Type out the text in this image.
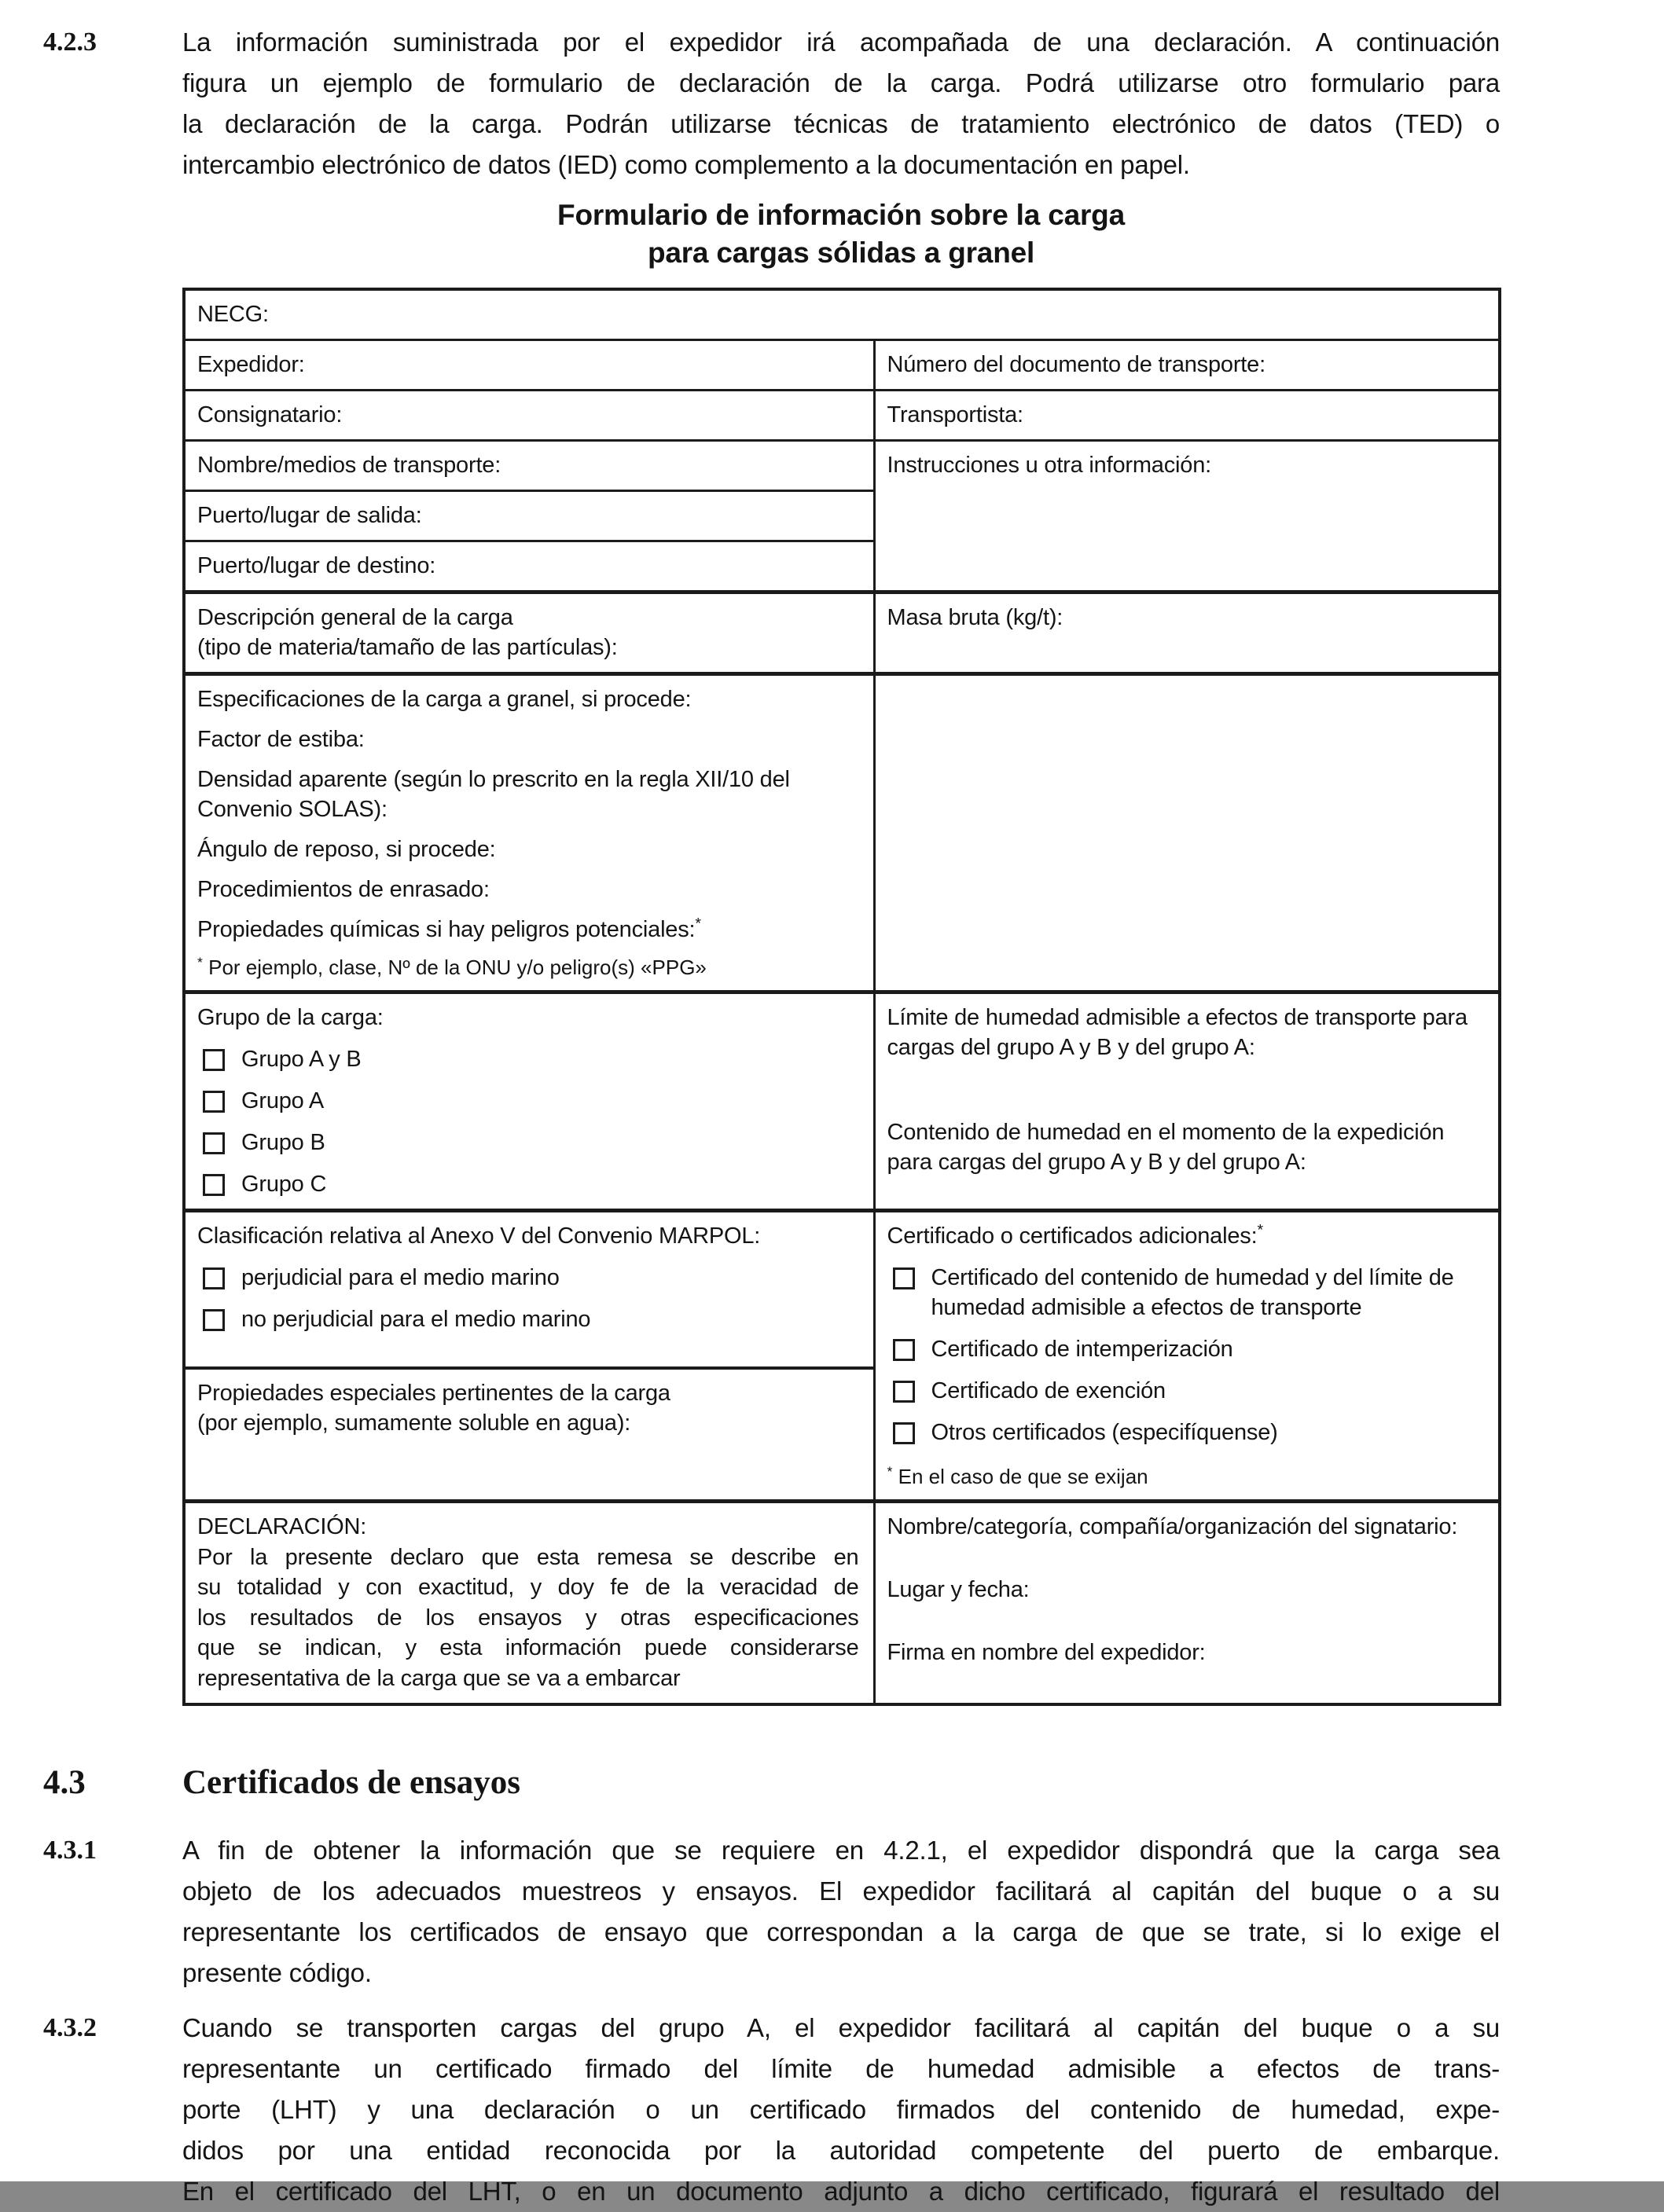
4.2.3	La información suministrada por el expedidor irá acompañada de una declaración. A continuación
figura un ejemplo de formulario de declaración de la carga. Podrá utilizarse otro formulario para
la declaración de la carga. Podrán utilizarse técnicas de tratamiento electrónico de datos (TED) o
intercambio electrónico de datos (IED) como complemento a la documentación en papel.
Formulario de información sobre la carga
para cargas sólidas a granel
NECG:	
Expedidor:	Número del documento de transporte:
Consignatario:	Transportista:
Nombre/medios de transporte:	Instrucciones u otra información:
Puerto/lugar de salida:	
Puerto/lugar de destino:	

Descripción general de la carga
(tipo de materia/tamaño de las partículas):	Masa bruta (kg/t):

Especificaciones de la carga a granel, si procede:

Factor de estiba:

Densidad aparente (según lo prescrito en la regla XII/10 del Convenio SOLAS):

Ángulo de reposo, si procede:

Procedimientos de enrasado:

Propiedades químicas si hay peligros potenciales:*

* Por ejemplo, clase, Nº de la ONU y/o peligro(s) «PPG»

Grupo de la carga:
Grupo A y B
Grupo A
Grupo B
Grupo C

Límite de humedad admisible a efectos de transporte para cargas del grupo A y B y del grupo A:
Contenido de humedad en el momento de la expedición para cargas del grupo A y B y del grupo A:

Clasificación relativa al Anexo V del Convenio MARPOL:
perjudicial para el medio marino
no perjudicial para el medio marino

Certificado o certificados adicionales:*
Certificado del contenido de humedad y del límite de humedad admisible a efectos de transporte
Certificado de intemperización
Certificado de exención
Otros certificados (especifíquense)
* En el caso de que se exijan

Propiedades especiales pertinentes de la carga
(por ejemplo, sumamente soluble en agua):	

DECLARACIÓN:
Por la presente declaro que esta remesa se describe en
su totalidad y con exactitud, y doy fe de la veracidad de
los resultados de los ensayos y otras especificaciones
que se indican, y esta información puede considerarse
representativa de la carga que se va a embarcar

Nombre/categoría, compañía/organización del signatario:
Lugar y fecha:
Firma en nombre del expedidor:
4.3	Certificados de ensayos
4.3.1	A fin de obtener la información que se requiere en 4.2.1, el expedidor dispondrá que la carga sea
objeto de los adecuados muestreos y ensayos. El expedidor facilitará al capitán del buque o a su
representante los certificados de ensayo que correspondan a la carga de que se trate, si lo exige el
presente código.
4.3.2	Cuando se transporten cargas del grupo A, el expedidor facilitará al capitán del buque o a su
representante un certificado firmado del límite de humedad admisible a efectos de trans-
porte (LHT) y una declaración o un certificado firmados del contenido de humedad, expe-
didos por una entidad reconocida por la autoridad competente del puerto de embarque.
En el certificado del LHT, o en un documento adjunto a dicho certificado, figurará el resultado del
